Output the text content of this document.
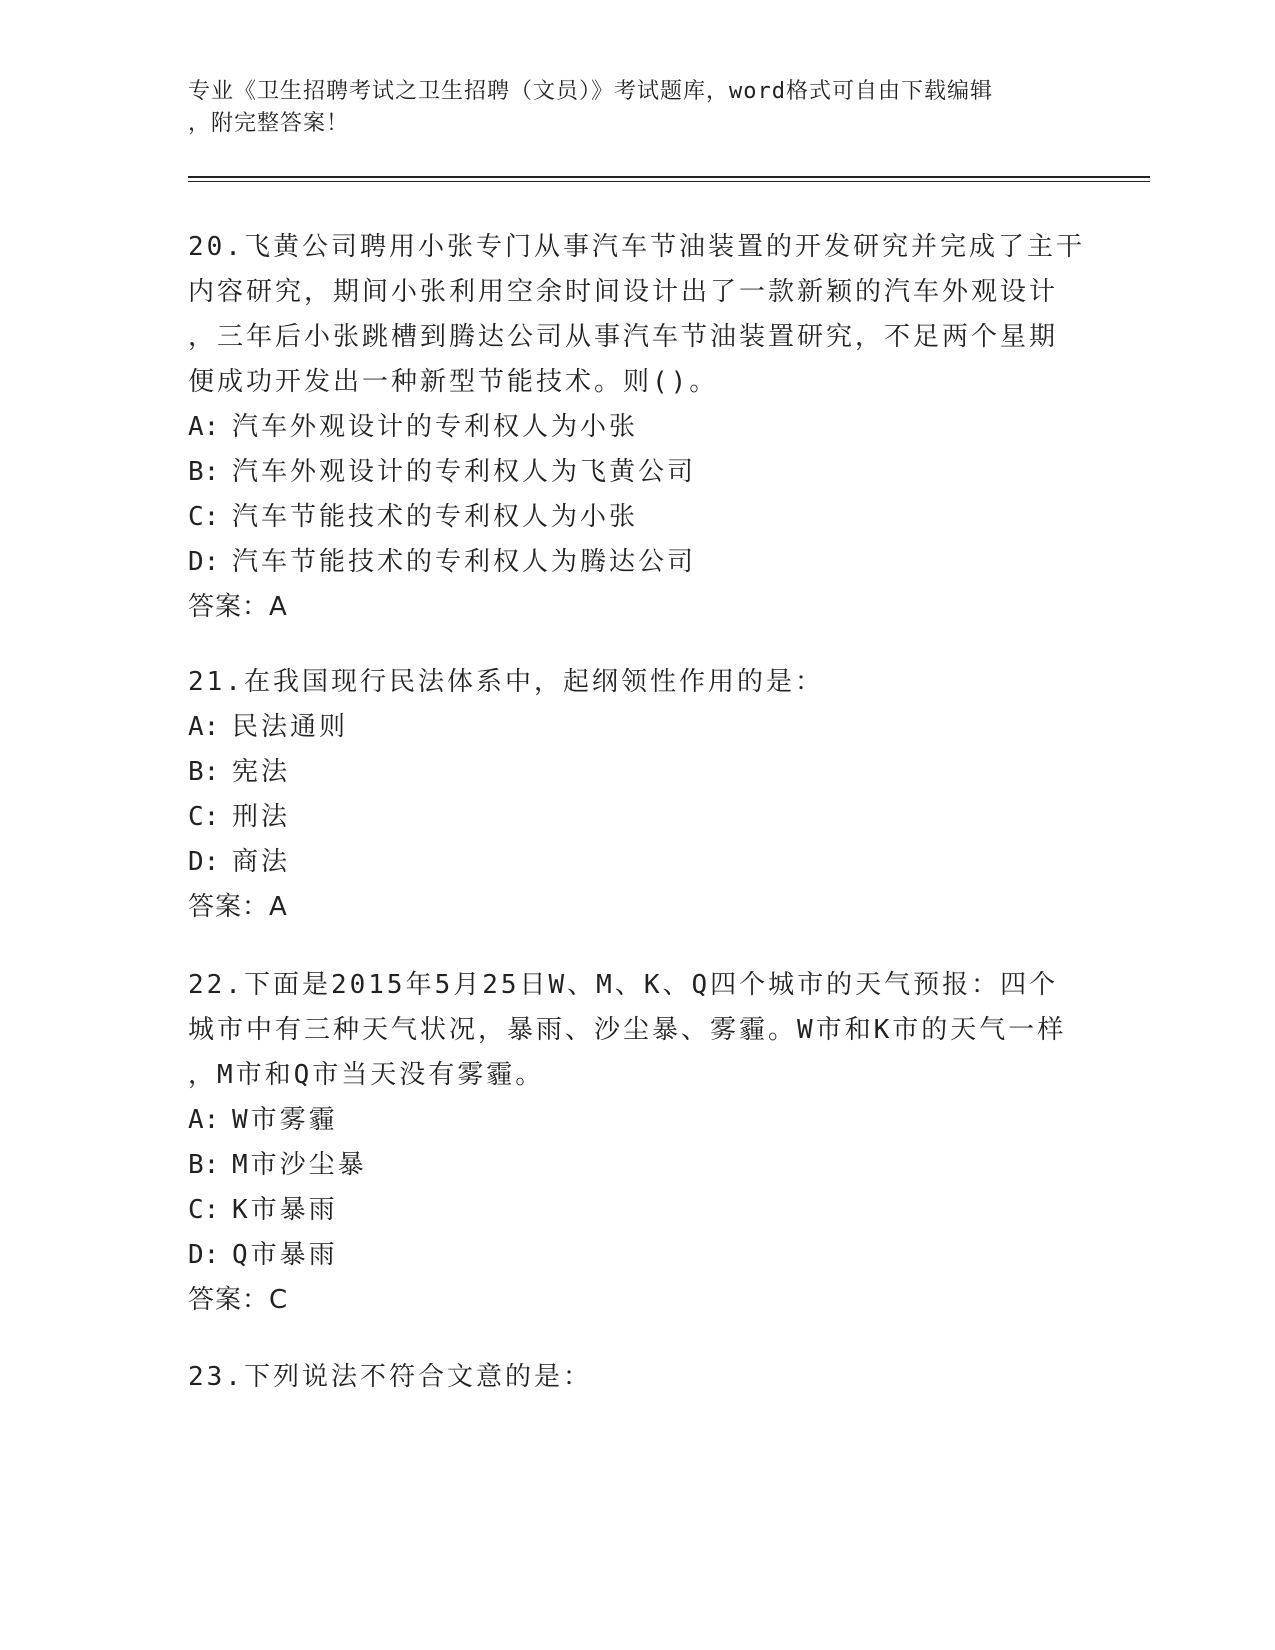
专业《卫生招聘考试之卫生招聘（文员）》考试题库，word格式可自由下载编辑
，附完整答案！
20.飞黄公司聘用小张专门从事汽车节油装置的开发研究并完成了主干
内容研究，期间小张利用空余时间设计出了一款新颖的汽车外观设计
，三年后小张跳槽到腾达公司从事汽车节油装置研究，不足两个星期
便成功开发出一种新型节能技术。则()。
A: 汽车外观设计的专利权人为小张
B: 汽车外观设计的专利权人为飞黄公司
C: 汽车节能技术的专利权人为小张
D: 汽车节能技术的专利权人为腾达公司
答案：A
21.在我国现行民法体系中，起纲领性作用的是：
A: 民法通则
B: 宪法
C: 刑法
D: 商法
答案：A
22.下面是2015年5月25日W、M、K、Q四个城市的天气预报：四个
城市中有三种天气状况，暴雨、沙尘暴、雾霾。W市和K市的天气一样
，M市和Q市当天没有雾霾。
A: W市雾霾
B: M市沙尘暴
C: K市暴雨
D: Q市暴雨
答案：C
23.下列说法不符合文意的是：
